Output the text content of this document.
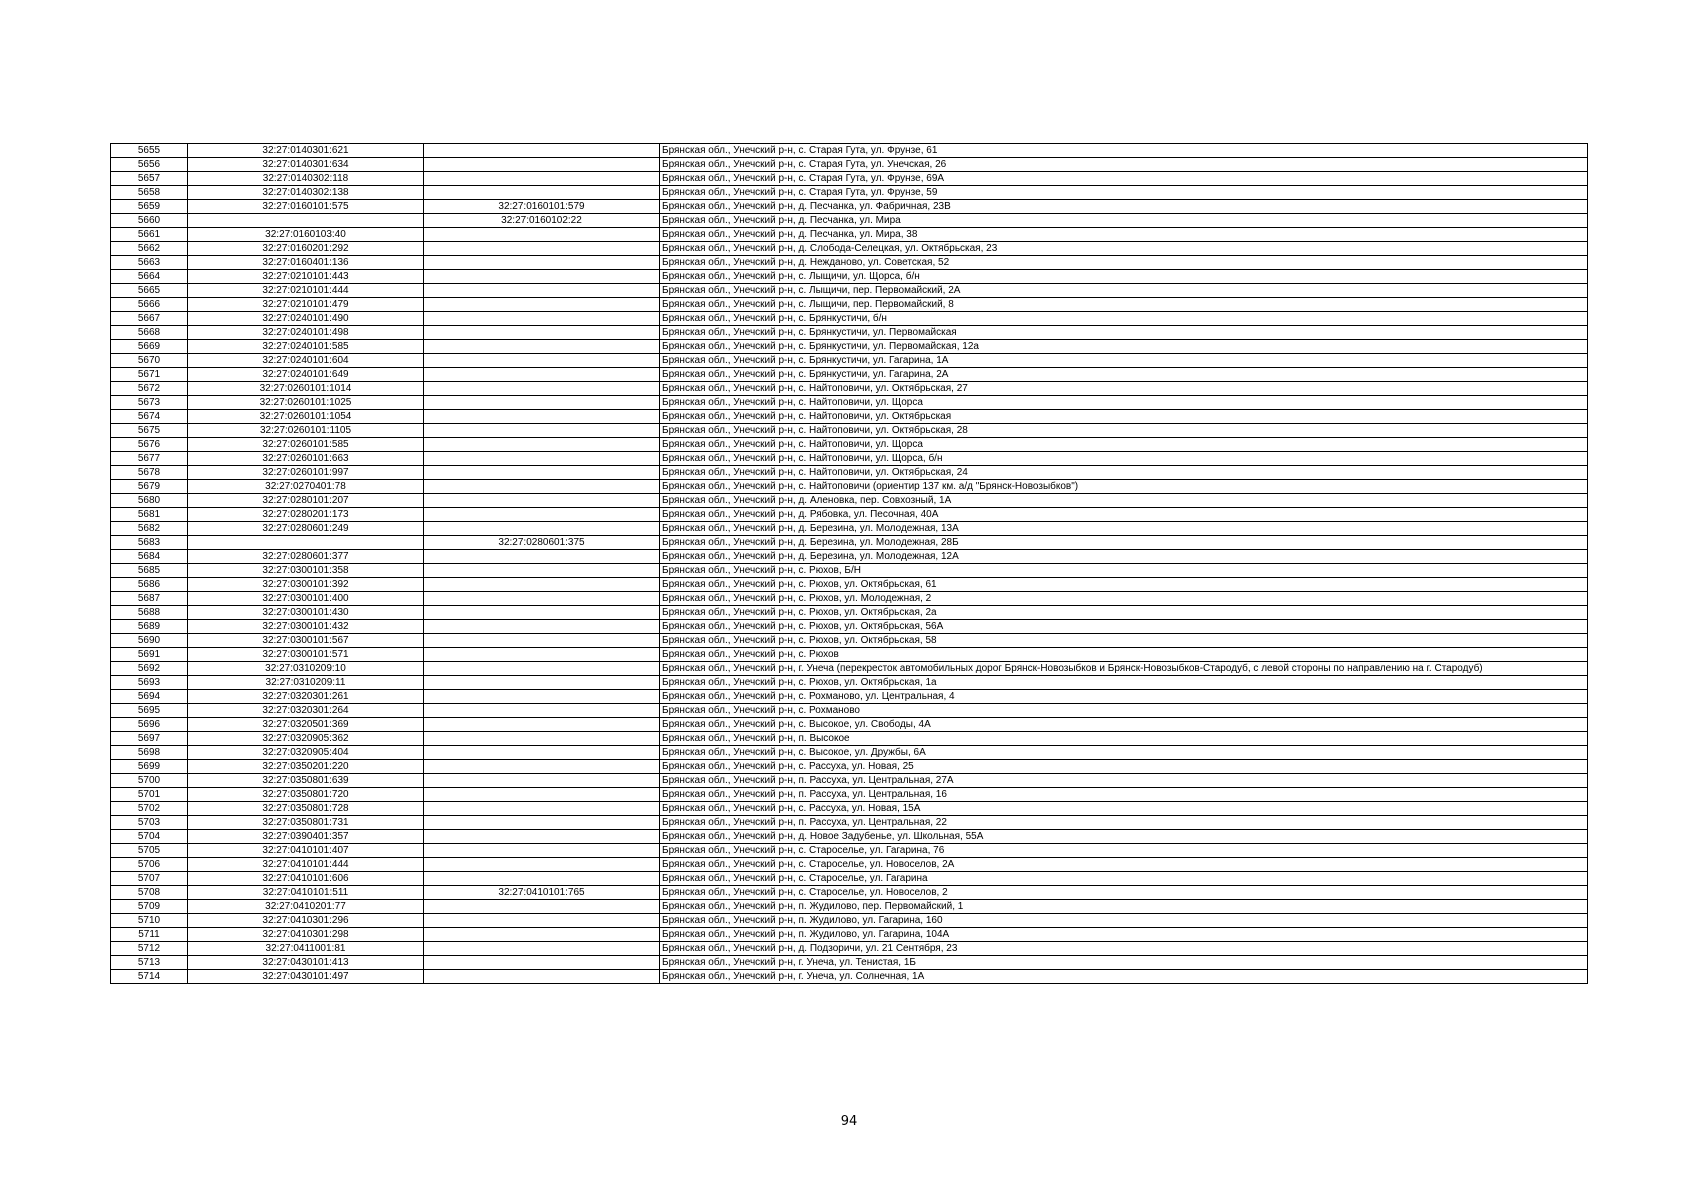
5655	32:27:0140301:621		Брянская обл., Унечский р-н, с. Старая Гута, ул. Фрунзе, 61
5656	32:27:0140301:634		Брянская обл., Унечский р-н, с. Старая Гута, ул. Унечская, 26
5657	32:27:0140302:118		Брянская обл., Унечский р-н, с. Старая Гута, ул. Фрунзе, 69А
5658	32:27:0140302:138		Брянская обл., Унечский р-н, с. Старая Гута, ул. Фрунзе, 59
5659	32:27:0160101:575	32:27:0160101:579	Брянская обл., Унечский р-н, д. Песчанка, ул. Фабричная, 23В
5660		32:27:0160102:22	Брянская обл., Унечский р-н, д. Песчанка, ул. Мира
5661	32:27:0160103:40		Брянская обл., Унечский р-н, д. Песчанка, ул. Мира, 38
5662	32:27:0160201:292		Брянская обл., Унечский р-н, д. Слобода-Селецкая, ул. Октябрьская, 23
5663	32:27:0160401:136		Брянская обл., Унечский р-н, д. Нежданово, ул. Советская, 52
5664	32:27:0210101:443		Брянская обл., Унечский р-н, с. Лыщичи, ул. Щорса, б/н
5665	32:27:0210101:444		Брянская обл., Унечский р-н, с. Лыщичи, пер. Первомайский, 2А
5666	32:27:0210101:479		Брянская обл., Унечский р-н, с. Лыщичи, пер. Первомайский, 8
5667	32:27:0240101:490		Брянская обл., Унечский р-н, с. Брянкустичи, б/н
5668	32:27:0240101:498		Брянская обл., Унечский р-н, с. Брянкустичи, ул. Первомайская
5669	32:27:0240101:585		Брянская обл., Унечский р-н, с. Брянкустичи, ул. Первомайская, 12а
5670	32:27:0240101:604		Брянская обл., Унечский р-н, с. Брянкустичи, ул. Гагарина, 1А
5671	32:27:0240101:649		Брянская обл., Унечский р-н, с. Брянкустичи, ул. Гагарина, 2А
5672	32:27:0260101:1014		Брянская обл., Унечский р-н, с. Найтоповичи, ул. Октябрьская, 27
5673	32:27:0260101:1025		Брянская обл., Унечский р-н, с. Найтоповичи, ул. Щорса
5674	32:27:0260101:1054		Брянская обл., Унечский р-н, с. Найтоповичи, ул. Октябрьская
5675	32:27:0260101:1105		Брянская обл., Унечский р-н, с. Найтоповичи, ул. Октябрьская, 28
5676	32:27:0260101:585		Брянская обл., Унечский р-н, с. Найтоповичи, ул. Щорса
5677	32:27:0260101:663		Брянская обл., Унечский р-н, с. Найтоповичи, ул. Щорса, б/н
5678	32:27:0260101:997		Брянская обл., Унечский р-н, с. Найтоповичи, ул. Октябрьская, 24
5679	32:27:0270401:78		Брянская обл., Унечский р-н, с. Найтоповичи (ориентир 137 км. а/д "Брянск-Новозыбков")
5680	32:27:0280101:207		Брянская обл., Унечский р-н, д. Аленовка, пер. Совхозный, 1А
5681	32:27:0280201:173		Брянская обл., Унечский р-н, д. Рябовка, ул. Песочная, 40А
5682	32:27:0280601:249		Брянская обл., Унечский р-н, д. Березина, ул. Молодежная, 13А
5683		32:27:0280601:375	Брянская обл., Унечский р-н, д. Березина, ул. Молодежная, 28Б
5684	32:27:0280601:377		Брянская обл., Унечский р-н, д. Березина, ул. Молодежная, 12А
5685	32:27:0300101:358		Брянская обл., Унечский р-н, с. Рюхов, Б/Н
5686	32:27:0300101:392		Брянская обл., Унечский р-н, с. Рюхов, ул. Октябрьская, 61
5687	32:27:0300101:400		Брянская обл., Унечский р-н, с. Рюхов, ул. Молодежная, 2
5688	32:27:0300101:430		Брянская обл., Унечский р-н, с. Рюхов, ул. Октябрьская, 2а
5689	32:27:0300101:432		Брянская обл., Унечский р-н, с. Рюхов, ул. Октябрьская, 56А
5690	32:27:0300101:567		Брянская обл., Унечский р-н, с. Рюхов, ул. Октябрьская, 58
5691	32:27:0300101:571		Брянская обл., Унечский р-н, с. Рюхов
5692	32:27:0310209:10		Брянская обл., Унечский р-н, г. Унеча (перекресток автомобильных дорог Брянск-Новозыбков и Брянск-Новозыбков-Стародуб, с левой стороны по направлению на г. Стародуб)
5693	32:27:0310209:11		Брянская обл., Унечский р-н, с. Рюхов, ул. Октябрьская, 1а
5694	32:27:0320301:261		Брянская обл., Унечский р-н, с. Рохманово, ул. Центральная, 4
5695	32:27:0320301:264		Брянская обл., Унечский р-н, с. Рохманово
5696	32:27:0320501:369		Брянская обл., Унечский р-н, с. Высокое, ул. Свободы, 4А
5697	32:27:0320905:362		Брянская обл., Унечский р-н, п. Высокое
5698	32:27:0320905:404		Брянская обл., Унечский р-н, с. Высокое, ул. Дружбы, 6А
5699	32:27:0350201:220		Брянская обл., Унечский р-н, с. Рассуха, ул. Новая, 25
5700	32:27:0350801:639		Брянская обл., Унечский р-н, п. Рассуха, ул. Центральная, 27А
5701	32:27:0350801:720		Брянская обл., Унечский р-н, п. Рассуха, ул. Центральная, 16
5702	32:27:0350801:728		Брянская обл., Унечский р-н, с. Рассуха, ул. Новая, 15А
5703	32:27:0350801:731		Брянская обл., Унечский р-н, п. Рассуха, ул. Центральная, 22
5704	32:27:0390401:357		Брянская обл., Унечский р-н, д. Новое Задубенье, ул. Школьная, 55А
5705	32:27:0410101:407		Брянская обл., Унечский р-н, с. Староселье, ул. Гагарина, 76
5706	32:27:0410101:444		Брянская обл., Унечский р-н, с. Староселье, ул. Новоселов, 2А
5707	32:27:0410101:606		Брянская обл., Унечский р-н, с. Староселье, ул. Гагарина
5708	32:27:0410101:511	32:27:0410101:765	Брянская обл., Унечский р-н, с. Староселье, ул. Новоселов, 2
5709	32:27:0410201:77		Брянская обл., Унечский р-н, п. Жудилово, пер. Первомайский, 1
5710	32:27:0410301:296		Брянская обл., Унечский р-н, п. Жудилово, ул. Гагарина, 160
5711	32:27:0410301:298		Брянская обл., Унечский р-н, п. Жудилово, ул. Гагарина, 104А
5712	32:27:0411001:81		Брянская обл., Унечский р-н, д. Подзоричи, ул. 21 Сентября, 23
5713	32:27:0430101:413		Брянская обл., Унечский р-н, г. Унеча, ул. Тенистая, 1Б
5714	32:27:0430101:497		Брянская обл., Унечский р-н, г. Унеча, ул. Солнечная, 1А
94
